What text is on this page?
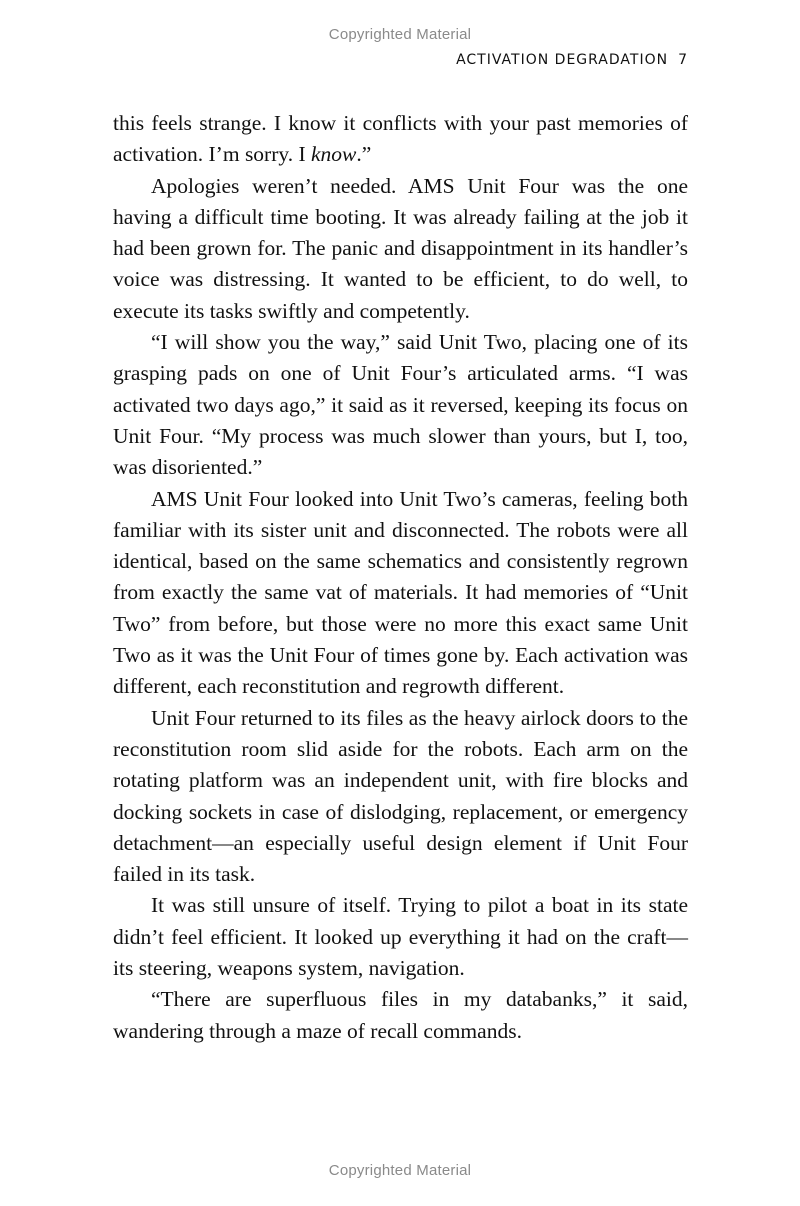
Copyrighted Material
ACTIVATION DEGRADATION 7

this feels strange. I know it conflicts with your past memories of activation. I’m sorry. I know.”

Apologies weren’t needed. AMS Unit Four was the one having a difficult time booting. It was already failing at the job it had been grown for. The panic and disappointment in its handler’s voice was distressing. It wanted to be efficient, to do well, to execute its tasks swiftly and competently.

“I will show you the way,” said Unit Two, placing one of its grasping pads on one of Unit Four’s articulated arms. “I was activated two days ago,” it said as it reversed, keeping its focus on Unit Four. “My process was much slower than yours, but I, too, was disoriented.”

AMS Unit Four looked into Unit Two’s cameras, feeling both familiar with its sister unit and disconnected. The robots were all identical, based on the same schematics and consistently regrown from exactly the same vat of materials. It had memories of “Unit Two” from before, but those were no more this exact same Unit Two as it was the Unit Four of times gone by. Each activation was different, each reconstitution and regrowth different.

Unit Four returned to its files as the heavy airlock doors to the reconstitution room slid aside for the robots. Each arm on the rotating platform was an independent unit, with fire blocks and docking sockets in case of dislodging, replacement, or emergency detachment—an especially useful design element if Unit Four failed in its task.

It was still unsure of itself. Trying to pilot a boat in its state didn’t feel efficient. It looked up everything it had on the craft—its steering, weapons system, navigation.

“There are superfluous files in my databanks,” it said, wandering through a maze of recall commands.

Copyrighted Material
